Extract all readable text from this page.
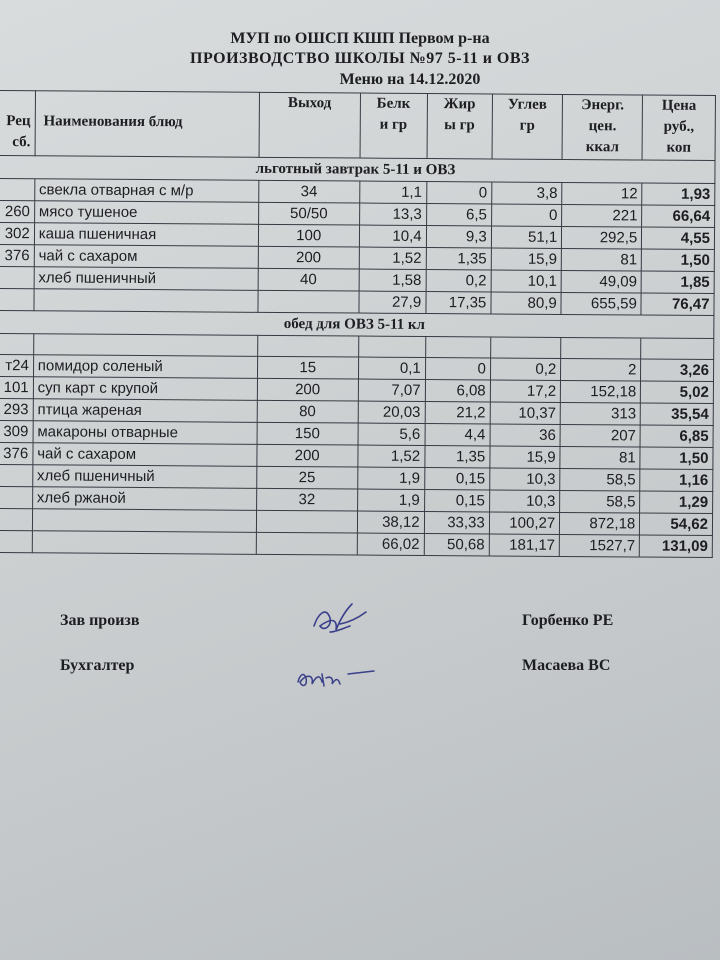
МУП по ОШСП КШП Первом р-на
ПРОИЗВОДСТВО ШКОЛЫ №97 5-11 и ОВЗ
Меню на 14.12.2020
Рец сб.	Наименования блюд	Выход	Белк и гр	Жир ы гр	Углев гр	Энерг. цен. ккал	Цена руб., коп

льготный завтрак 5-11 и ОВЗ							
	свекла отварная с м/р	34	1,1	0	3,8	12	1,93
260	мясо тушеное	50/50	13,3	6,5	0	221	66,64
302	каша пшеничная	100	10,4	9,3	51,1	292,5	4,55
376	чай с сахаром	200	1,52	1,35	15,9	81	1,50
	хлеб пшеничный	40	1,58	0,2	10,1	49,09	1,85
			27,9	17,35	80,9	655,59	76,47
обед для ОВЗ 5-11 кл							

т24	помидор соленый	15	0,1	0	0,2	2	3,26
101	суп карт с крупой	200	7,07	6,08	17,2	152,18	5,02
293	птица жареная	80	20,03	21,2	10,37	313	35,54
309	макароны отварные	150	5,6	4,4	36	207	6,85
376	чай с сахаром	200	1,52	1,35	15,9	81	1,50
	хлеб пшеничный	25	1,9	0,15	10,3	58,5	1,16
	хлеб ржаной	32	1,9	0,15	10,3	58,5	1,29
			38,12	33,33	100,27	872,18	54,62
			66,02	50,68	181,17	1527,7	131,09
Зав произв	Горбенко РЕ
Бухгалтер	Масаева ВС
